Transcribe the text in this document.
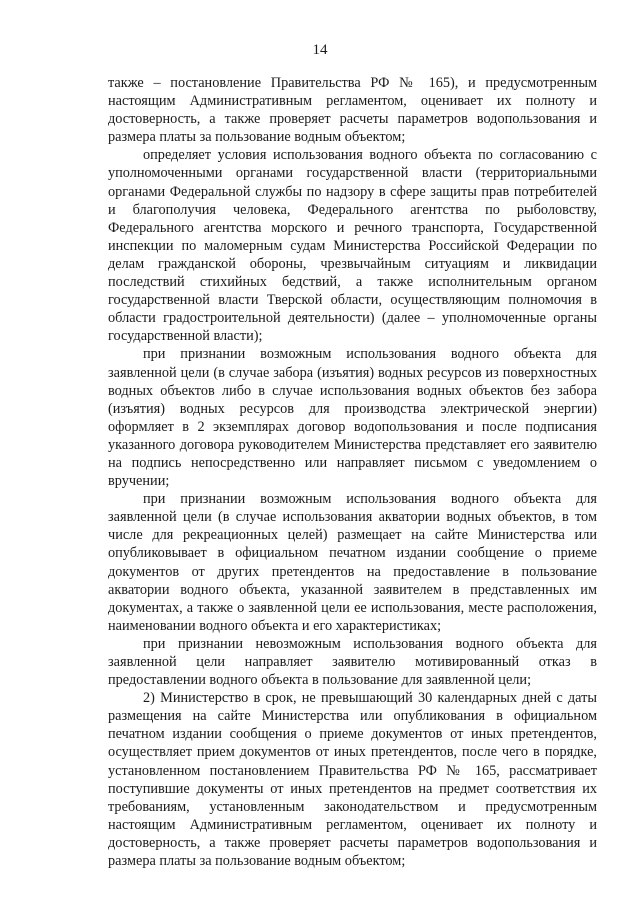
14

также – постановление Правительства РФ № 165), и предусмотренным настоящим Административным регламентом, оценивает их полноту и достоверность, а также проверяет расчеты параметров водопользования и размера платы за пользование водным объектом;

определяет условия использования водного объекта по согласованию с уполномоченными органами государственной власти (территориальными органами Федеральной службы по надзору в сфере защиты прав потребителей и благополучия человека, Федерального агентства по рыболовству, Федерального агентства морского и речного транспорта, Государственной инспекции по маломерным судам Министерства Российской Федерации по делам гражданской обороны, чрезвычайным ситуациям и ликвидации последствий стихийных бедствий, а также исполнительным органом государственной власти Тверской области, осуществляющим полномочия в области градостроительной деятельности) (далее – уполномоченные органы государственной власти);

при признании возможным использования водного объекта для заявленной цели (в случае забора (изъятия) водных ресурсов из поверхностных водных объектов либо в случае использования водных объектов без забора (изъятия) водных ресурсов для производства электрической энергии) оформляет в 2 экземплярах договор водопользования и после подписания указанного договора руководителем Министерства представляет его заявителю на подпись непосредственно или направляет письмом с уведомлением о вручении;

при признании возможным использования водного объекта для заявленной цели (в случае использования акватории водных объектов, в том числе для рекреационных целей) размещает на сайте Министерства или опубликовывает в официальном печатном издании сообщение о приеме документов от других претендентов на предоставление в пользование акватории водного объекта, указанной заявителем в представленных им документах, а также о заявленной цели ее использования, месте расположения, наименовании водного объекта и его характеристиках;

при признании невозможным использования водного объекта для заявленной цели направляет заявителю мотивированный отказ в предоставлении водного объекта в пользование для заявленной цели;

2) Министерство в срок, не превышающий 30 календарных дней с даты размещения на сайте Министерства или опубликования в официальном печатном издании сообщения о приеме документов от иных претендентов, осуществляет прием документов от иных претендентов, после чего в порядке, установленном постановлением Правительства РФ № 165, рассматривает поступившие документы от иных претендентов на предмет соответствия их требованиям, установленным законодательством и предусмотренным настоящим Административным регламентом, оценивает их полноту и достоверность, а также проверяет расчеты параметров водопользования и размера платы за пользование водным объектом;
